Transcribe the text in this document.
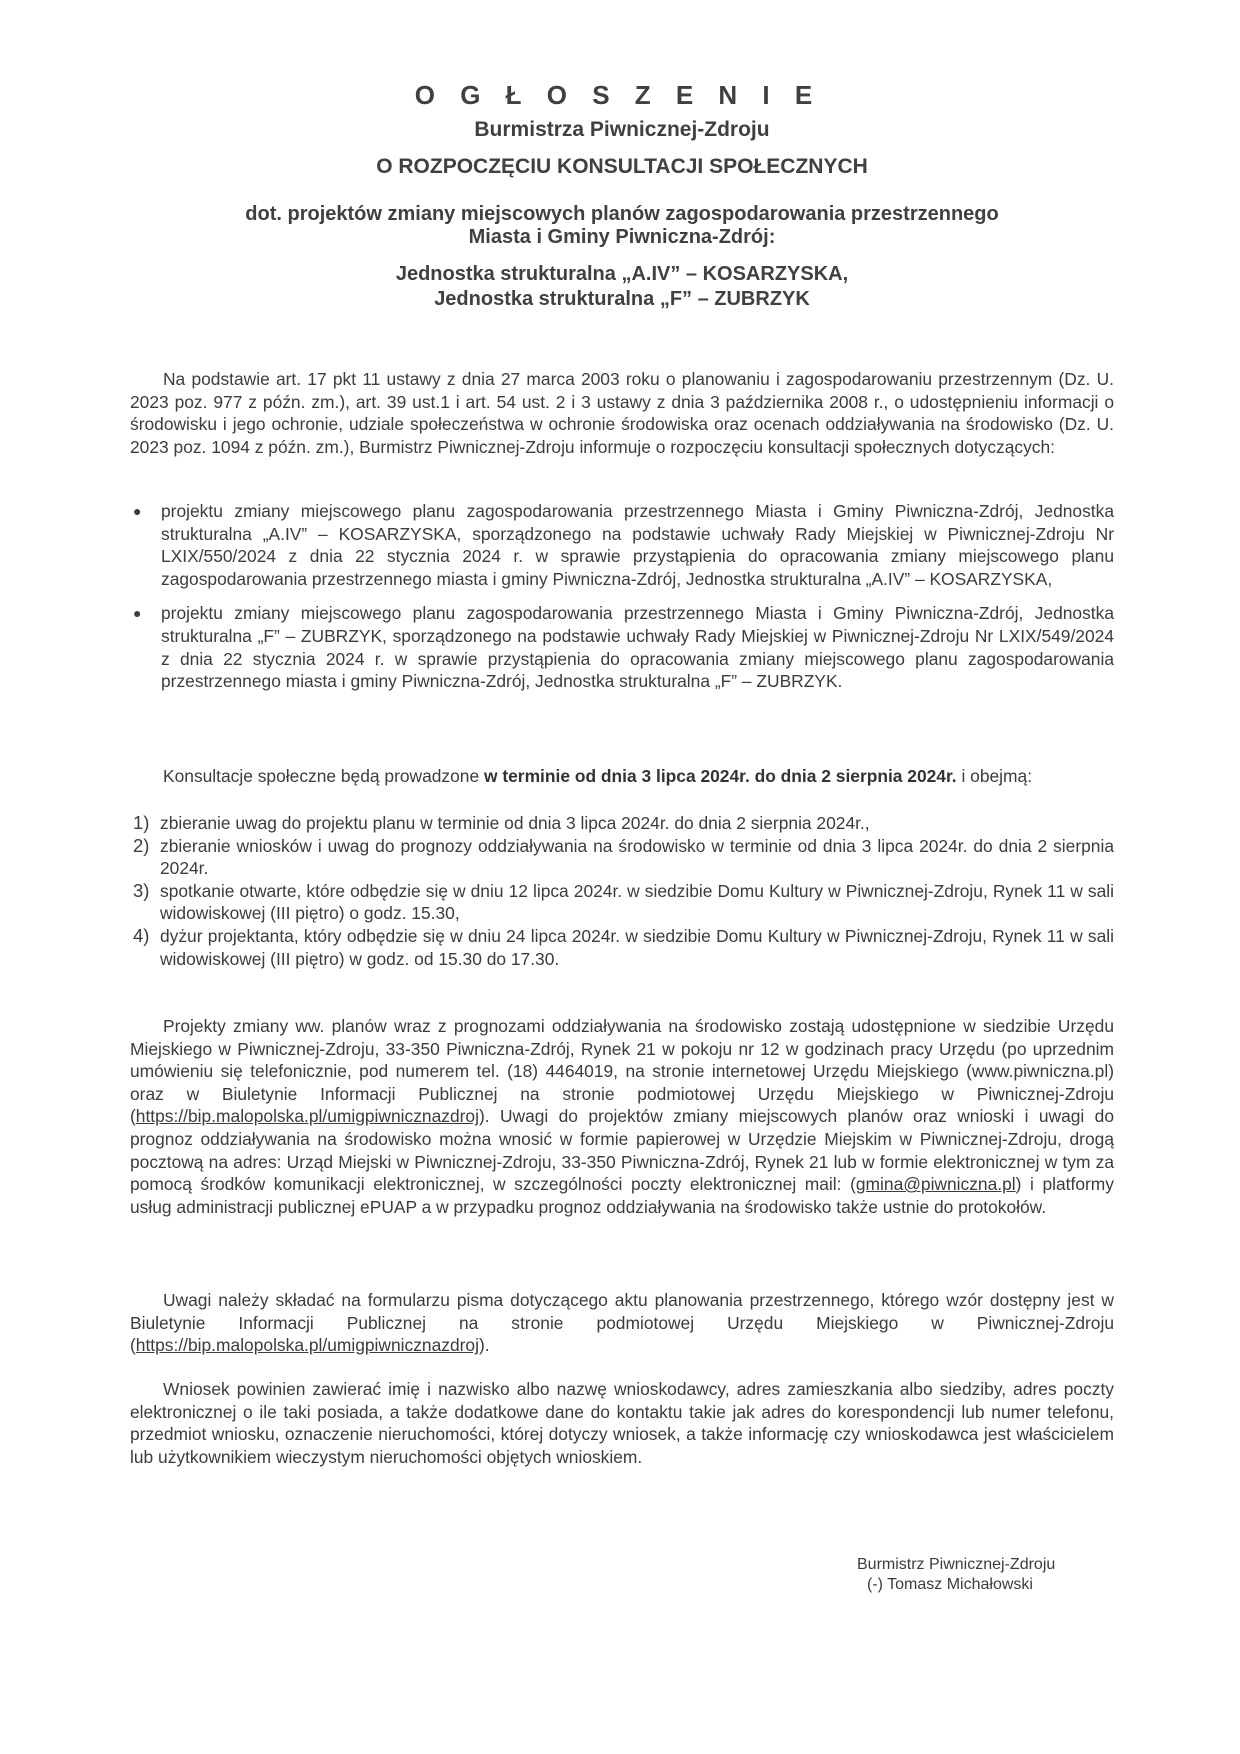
O G Ł O S Z E N I E
Burmistrza Piwnicznej-Zdroju
O ROZPOCZĘCIU KONSULTACJI SPOŁECZNYCH
dot. projektów zmiany miejscowych planów zagospodarowania przestrzennego
Miasta i Gminy Piwniczna-Zdrój:
Jednostka strukturalna „A.IV” – KOSARZYSKA,
Jednostka strukturalna „F” – ZUBRZYK

Na podstawie art. 17 pkt 11 ustawy z dnia 27 marca 2003 roku o planowaniu i zagospodarowaniu przestrzennym (Dz. U. 2023 poz. 977 z późn. zm.), art. 39 ust.1 i art. 54 ust. 2 i 3 ustawy z dnia 3 października 2008 r., o udostępnieniu informacji o środowisku i jego ochronie, udziale społeczeństwa w ochronie środowiska oraz ocenach oddziaływania na środowisko (Dz. U. 2023 poz. 1094 z późn. zm.), Burmistrz Piwnicznej-Zdroju informuje o rozpoczęciu konsultacji społecznych dotyczących:

● projektu zmiany miejscowego planu zagospodarowania przestrzennego Miasta i Gminy Piwniczna-Zdrój, Jednostka strukturalna „A.IV” – KOSARZYSKA, sporządzonego na podstawie uchwały Rady Miejskiej w Piwnicznej-Zdroju Nr LXIX/550/2024 z dnia 22 stycznia 2024 r. w sprawie przystąpienia do opracowania zmiany miejscowego planu zagospodarowania przestrzennego miasta i gminy Piwniczna-Zdrój, Jednostka strukturalna „A.IV” – KOSARZYSKA,
● projektu zmiany miejscowego planu zagospodarowania przestrzennego Miasta i Gminy Piwniczna-Zdrój, Jednostka strukturalna „F” – ZUBRZYK, sporządzonego na podstawie uchwały Rady Miejskiej w Piwnicznej-Zdroju Nr LXIX/549/2024 z dnia 22 stycznia 2024 r. w sprawie przystąpienia do opracowania zmiany miejscowego planu zagospodarowania przestrzennego miasta i gminy Piwniczna-Zdrój, Jednostka strukturalna „F” – ZUBRZYK.

Konsultacje społeczne będą prowadzone w terminie od dnia 3 lipca 2024r. do dnia 2 sierpnia 2024r. i obejmą:

1) zbieranie uwag do projektu planu w terminie od dnia 3 lipca 2024r. do dnia 2 sierpnia 2024r.,
2) zbieranie wniosków i uwag do prognozy oddziaływania na środowisko w terminie od dnia 3 lipca 2024r. do dnia 2 sierpnia 2024r.
3) spotkanie otwarte, które odbędzie się w dniu 12 lipca 2024r. w siedzibie Domu Kultury w Piwnicznej-Zdroju, Rynek 11 w sali widowiskowej (III piętro) o godz. 15.30,
4) dyżur projektanta, który odbędzie się w dniu 24 lipca 2024r. w siedzibie Domu Kultury w Piwnicznej-Zdroju, Rynek 11 w sali widowiskowej (III piętro) w godz. od 15.30 do 17.30.

Projekty zmiany ww. planów wraz z prognozami oddziaływania na środowisko zostają udostępnione w siedzibie Urzędu Miejskiego w Piwnicznej-Zdroju, 33-350 Piwniczna-Zdrój, Rynek 21 w pokoju nr 12 w godzinach pracy Urzędu (po uprzednim umówieniu się telefonicznie, pod numerem tel. (18) 4464019, na stronie internetowej Urzędu Miejskiego (www.piwniczna.pl) oraz w Biuletynie Informacji Publicznej na stronie podmiotowej Urzędu Miejskiego w Piwnicznej-Zdroju (https://bip.malopolska.pl/umigpiwnicznazdroj). Uwagi do projektów zmiany miejscowych planów oraz wnioski i uwagi do prognoz oddziaływania na środowisko można wnosić w formie papierowej w Urzędzie Miejskim w Piwnicznej-Zdroju, drogą pocztową na adres: Urząd Miejski w Piwnicznej-Zdroju, 33-350 Piwniczna-Zdrój, Rynek 21 lub w formie elektronicznej w tym za pomocą środków komunikacji elektronicznej, w szczególności poczty elektronicznej mail: (gmina@piwniczna.pl) i platformy usług administracji publicznej ePUAP a w przypadku prognoz oddziaływania na środowisko także ustnie do protokołów.

Uwagi należy składać na formularzu pisma dotyczącego aktu planowania przestrzennego, którego wzór dostępny jest w Biuletynie Informacji Publicznej na stronie podmiotowej Urzędu Miejskiego w Piwnicznej-Zdroju (https://bip.malopolska.pl/umigpiwnicznazdroj).

Wniosek powinien zawierać imię i nazwisko albo nazwę wnioskodawcy, adres zamieszkania albo siedziby, adres poczty elektronicznej o ile taki posiada, a także dodatkowe dane do kontaktu takie jak adres do korespondencji lub numer telefonu, przedmiot wniosku, oznaczenie nieruchomości, której dotyczy wniosek, a także informację czy wnioskodawca jest właścicielem lub użytkownikiem wieczystym nieruchomości objętych wnioskiem.

Burmistrz Piwnicznej-Zdroju
(-) Tomasz Michałowski
